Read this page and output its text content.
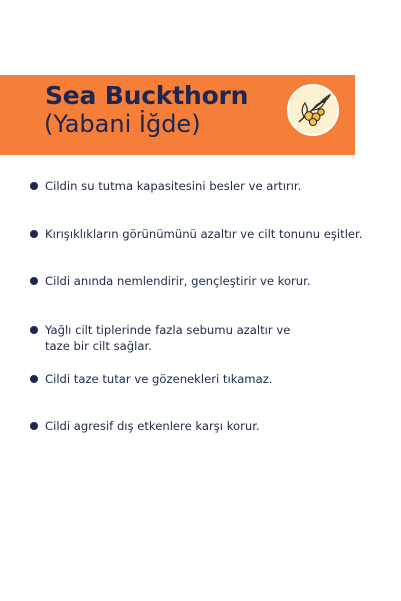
Sea Buckthorn
(Yabani İğde)
Cildin su tutma kapasitesini besler ve artırır.
Kırışıklıkların görünümünü azaltır ve cilt tonunu eşitler.
Cildi anında nemlendirir, gençleştirir ve korur.
Yağlı cilt tiplerinde fazla sebumu azaltır ve
taze bir cilt sağlar.
Cildi taze tutar ve gözenekleri tıkamaz.
Cildi agresif dış etkenlere karşı korur.
